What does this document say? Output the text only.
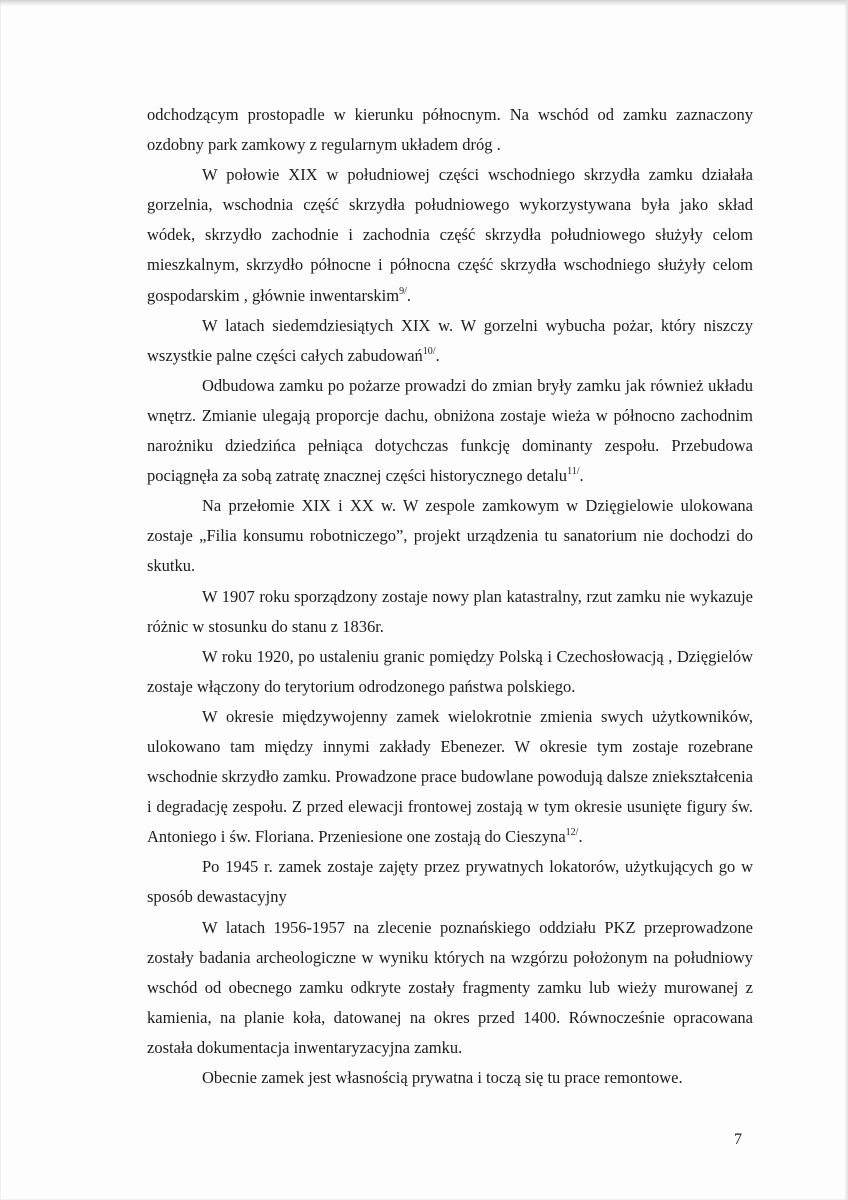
odchodzącym prostopadle w kierunku północnym. Na wschód od zamku zaznaczony ozdobny park zamkowy z regularnym układem dróg .

W połowie XIX w południowej części wschodniego skrzydła zamku działała gorzelnia, wschodnia część skrzydła południowego wykorzystywana była jako skład wódek, skrzydło zachodnie i zachodnia część skrzydła południowego służyły celom mieszkalnym, skrzydło północne i północna część skrzydła wschodniego służyły celom gospodarskim , głównie inwentarskim$^{9/}$.

W latach siedemdziesiątych XIX w. W gorzelni wybucha pożar, który niszczy wszystkie palne części całych zabudowań$^{10/}$.

Odbudowa zamku po pożarze prowadzi do zmian bryły zamku jak również układu wnętrz. Zmianie ulegają proporcje dachu, obniżona zostaje wieża w północno zachodnim narożniku dziedzińca pełniąca dotychczas funkcję dominanty zespołu. Przebudowa pociągnęła za sobą zatratę znacznej części historycznego detalu$^{11/}$.

Na przełomie XIX i XX w. W zespole zamkowym w Dzięgielowie ulokowana zostaje „Filia konsumu robotniczego”, projekt urządzenia tu sanatorium nie dochodzi do skutku.

W 1907 roku sporządzony zostaje nowy plan katastralny, rzut zamku nie wykazuje różnic w stosunku do stanu z 1836r.

W roku 1920, po ustaleniu granic pomiędzy Polską i Czechosłowacją , Dzięgielów zostaje włączony do terytorium odrodzonego państwa polskiego.

W okresie międzywojenny zamek wielokrotnie zmienia swych użytkowników, ulokowano tam między innymi zakłady Ebenezer. W okresie tym zostaje rozebrane wschodnie skrzydło zamku. Prowadzone prace budowlane powodują dalsze zniekształcenia i degradację zespołu. Z przed elewacji frontowej zostają w tym okresie usunięte figury św. Antoniego i św. Floriana. Przeniesione one zostają do Cieszyna$^{12/}$.

Po 1945 r. zamek zostaje zajęty przez prywatnych lokatorów, użytkujących go w sposób dewastacyjny

W latach 1956-1957 na zlecenie poznańskiego oddziału PKZ przeprowadzone zostały badania archeologiczne w wyniku których na wzgórzu położonym na południowy wschód od obecnego zamku odkryte zostały fragmenty zamku lub wieży murowanej z kamienia, na planie koła, datowanej na okres przed 1400. Równocześnie opracowana została dokumentacja inwentaryzacyjna zamku.

Obecnie zamek jest własnością prywatna i toczą się tu prace remontowe.

7
